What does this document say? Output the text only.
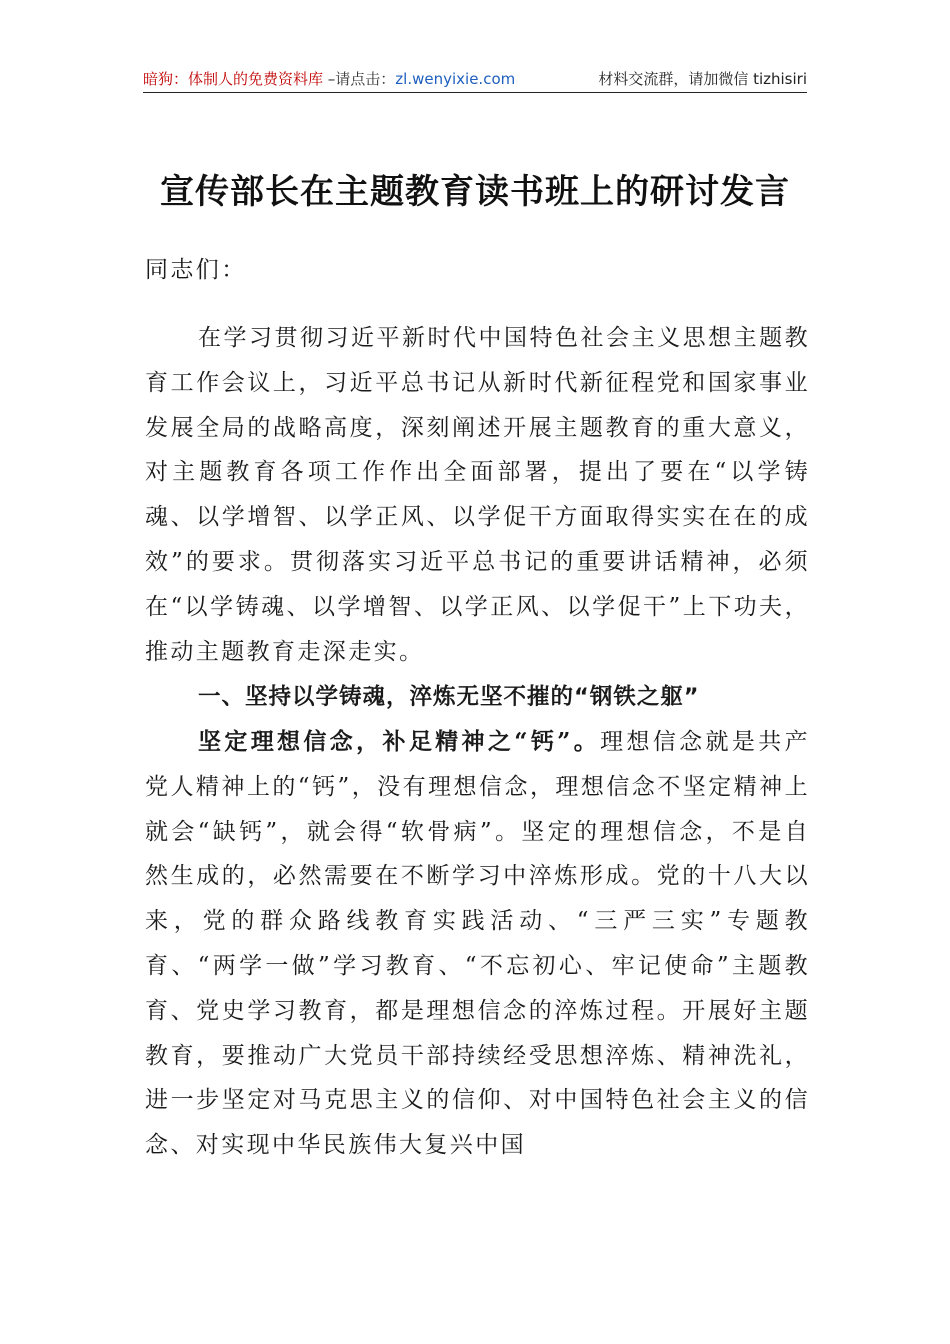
暗狗：体制人的免费资料库 –请点击：zl.wenyixie.com	材料交流群，请加微信 tizhisiri
宣传部长在主题教育读书班上的研讨发言
同志们：
在学习贯彻习近平新时代中国特色社会主义思想主题教育工作会议上，习近平总书记从新时代新征程党和国家事业发展全局的战略高度，深刻阐述开展主题教育的重大意义，对主题教育各项工作作出全面部署，提出了要在“以学铸魂、以学增智、以学正风、以学促干方面取得实实在在的成效”的要求。贯彻落实习近平总书记的重要讲话精神，必须在“以学铸魂、以学增智、以学正风、以学促干”上下功夫，推动主题教育走深走实。
一、坚持以学铸魂，淬炼无坚不摧的“钢铁之躯”
坚定理想信念，补足精神之“钙”。理想信念就是共产党人精神上的“钙”，没有理想信念，理想信念不坚定精神上就会“缺钙”，就会得“软骨病”。坚定的理想信念，不是自然生成的，必然需要在不断学习中淬炼形成。党的十八大以来，党的群众路线教育实践活动、“三严三实”专题教育、“两学一做”学习教育、“不忘初心、牢记使命”主题教育、党史学习教育，都是理想信念的淬炼过程。开展好主题教育，要推动广大党员干部持续经受思想淬炼、精神洗礼，进一步坚定对马克思主义的信仰、对中国特色社会主义的信念、对实现中华民族伟大复兴中国
